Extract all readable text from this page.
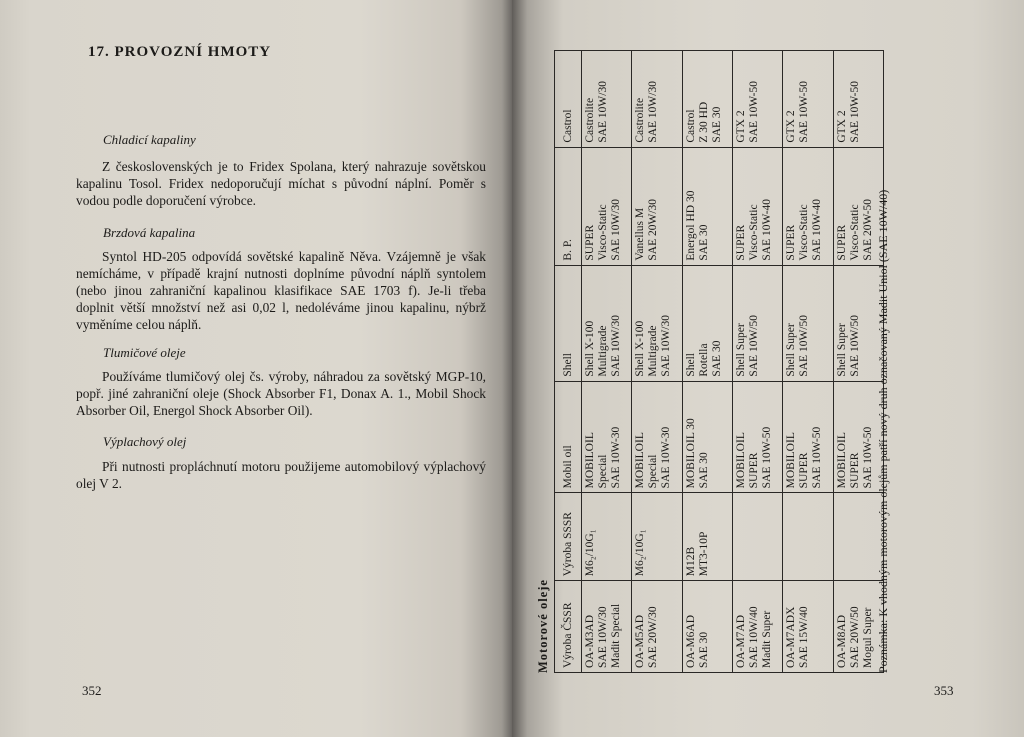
17. PROVOZNÍ HMOTY
Chladicí kapaliny
Z československých je to Fridex Spolana, který nahrazuje sovětskou kapalinu Tosol. Fridex nedoporučují míchat s původní náplní. Poměr s vodou podle doporučení výrobce.
Brzdová kapalina
Syntol HD-205 odpovídá sovětské kapalině Něva. Vzájemně je však nemícháme, v případě krajní nutnosti doplníme původní náplň syntolem (nebo jinou zahraniční kapalinou klasifikace SAE 1703 f). Je-li třeba doplnit větší množství než asi 0,02 l, nedoléváme jinou kapalinu, nýbrž vyměníme celou náplň.
Tlumičové oleje
Používáme tlumičový olej čs. výroby, náhradou za sovětský MGP-10, popř. jiné zahraniční oleje (Shock Absorber F1, Donax A. 1., Mobil Shock Absorber Oil, Energol Shock Absorber Oil).
Výplachový olej
Při nutnosti propláchnutí motoru použijeme automobilový výplachový olej V 2.
352	353
Motorové oleje	Výroba ČSSR	Výroba SSSR	Mobil oil	Shell	B. P.	Castrol

OA-M3AD SAE 10W/30 Madit Special	M6₂/10G₁	MOBILOIL Special SAE 10W-30	Shell X-100 Multigrade SAE 10W/30	SUPER Visco-Static SAE 10W/30	Castrolite SAE 10W/30

OA-M5AD SAE 20W/30	M6₂/10G₁	MOBILOIL Special SAE 10W-30	Shell X-100 Multigrade SAE 10W/30	Vanellus M SAE 20W/30	Castrolite SAE 10W/30

OA-M6AD SAE 30	M12B MT3-10P	MOBILOIL 30 SAE 30	Shell Rotella SAE 30	Energol HD 30 SAE 30	Castrol Z 30 HD SAE 30

OA-M7AD SAE 10W/40 Madit Super		MOBILOIL SUPER SAE 10W-50	Shell Super SAE 10W/50	SUPER Visco-Static SAE 10W-40	GTX 2 SAE 10W-50

OA-M7ADX SAE 15W/40		MOBILOIL SUPER SAE 10W-50	Shell Super SAE 10W/50	SUPER Visco-Static SAE 10W-40	GTX 2 SAE 10W-50

OA-M8AD SAE 20W/50 Mogul Super		MOBILOIL SUPER SAE 10W-50	Shell Super SAE 10W/50	SUPER Visco-Static SAE 20W-50	GTX 2 SAE 10W-50
Poznámka: K vhodným motorovým olejům patří nový druh označovaný Madit Uniol (SAE 10W/40)
